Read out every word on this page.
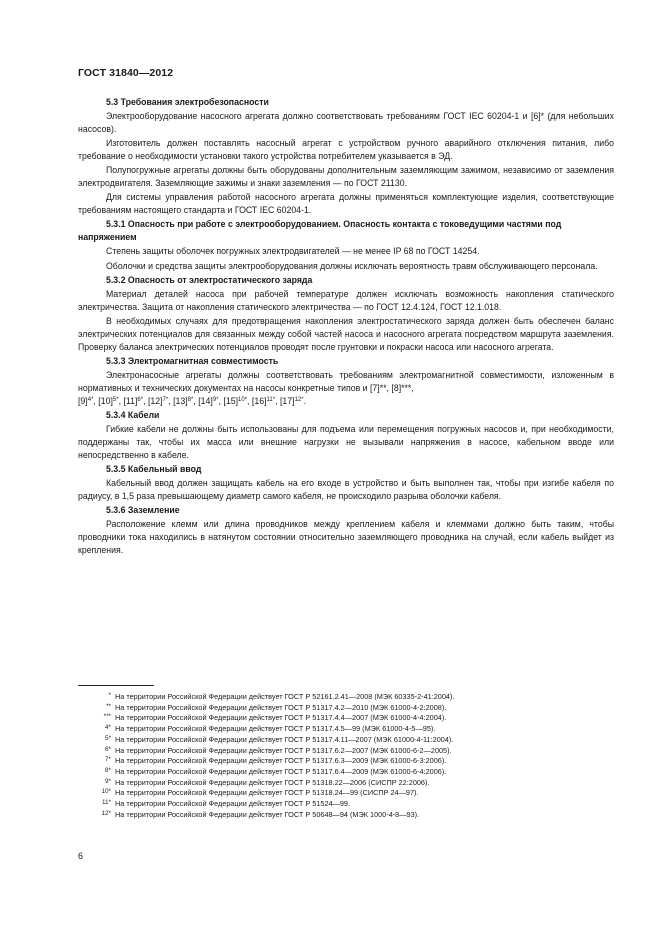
ГОСТ 31840—2012
5.3 Требования электробезопасности
Электрооборудование насосного агрегата должно соответствовать требованиям ГОСТ IEC 60204-1 и [6]* (для небольших насосов).
Изготовитель должен поставлять насосный агрегат с устройством ручного аварийного отключения питания, либо требование о необходимости установки такого устройства потребителем указывается в ЭД.
Полупогружные агрегаты должны быть оборудованы дополнительным заземляющим зажимом, независимо от заземления электродвигателя. Заземляющие зажимы и знаки заземления — по ГОСТ 21130.
Для системы управления работой насосного агрегата должны применяться комплектующие изделия, соответствующие требованиям настоящего стандарта и ГОСТ IEC 60204-1.
5.3.1 Опасность при работе с электрооборудованием. Опасность контакта с токоведущими частями под напряжением
Степень защиты оболочек погружных электродвигателей — не менее IP 68 по ГОСТ 14254.
Оболочки и средства защиты электрооборудования должны исключать вероятность травм обслуживающего персонала.
5.3.2 Опасность от электростатического заряда
Материал деталей насоса при рабочей температуре должен исключать возможность накопления статического электричества. Защита от накопления статического электричества — по ГОСТ 12.4.124, ГОСТ 12.1.018.
В необходимых случаях для предотвращения накопления электростатического заряда должен быть обеспечен баланс электрических потенциалов для связанных между собой частей насоса и насосного агрегата посредством маршрута заземления. Проверку баланса электрических потенциалов проводят после грунтовки и покраски насоса или насосного агрегата.
5.3.3 Электромагнитная совместимость
Электронасосные агрегаты должны соответствовать требованиям электромагнитной совместимости, изложенным в нормативных и технических документах на насосы конкретные типов и [7]**, [8]***,
$[9]^{4*}$, $[10]^{5*}$, $[11]^{6*}$, $[12]^{7*}$, $[13]^{8*}$, $[14]^{9*}$, $[15]^{10*}$, $[16]^{11*}$, $[17]^{12*}$.
5.3.4 Кабели
Гибкие кабели не должны быть использованы для подъема или перемещения погружных насосов и, при необходимости, поддержаны так, чтобы их масса или внешние нагрузки не вызывали напряжения в насосе, кабельном вводе или непосредственно в кабеле.
5.3.5 Кабельный ввод
Кабельный ввод должен защищать кабель на его входе в устройство и быть выполнен так, чтобы при изгибе кабеля по радиусу, в 1,5 раза превышающему диаметр самого кабеля, не происходило разрыва оболочки кабеля.
5.3.6 Заземление
Расположение клемм или длина проводников между креплением кабеля и клеммами должно быть таким, чтобы проводники тока находились в натянутом состоянии относительно заземляющего проводника на случай, если кабель выйдет из крепления.
* На территории Российской Федерации действует ГОСТ Р 52161.2.41—2008 (МЭК 60335-2-41:2004).
** На территории Российской Федерации действует ГОСТ Р 51317.4.2—2010 (МЭК 61000-4-2:2008).
*** На территории Российской Федерации действует ГОСТ Р 51317.4.4—2007 (МЭК 61000-4-4:2004).
4* На территории Российской Федерации действует ГОСТ Р 51317.4.5—99 (МЭК 61000-4-5—95).
5* На территории Российской Федерации действует ГОСТ Р 51317.4.11—2007 (МЭК 61000-4-11:2004).
6* На территории Российской Федерации действует ГОСТ Р 51317.6.2—2007 (МЭК 61000-6-2—2005).
7* На территории Российской Федерации действует ГОСТ Р 51317.6.3—2009 (МЭК 61000-6-3:2006).
8* На территории Российской Федерации действует ГОСТ Р 51317.6.4—2009 (МЭК 61000-6-4:2006).
9* На территории Российской Федерации действует ГОСТ Р 51318.22—2006 (СИСПР 22:2006).
10* На территории Российской Федерации действует ГОСТ Р 51318.24—99 (СИСПР 24—97).
11* На территории Российской Федерации действует ГОСТ Р 51524—99.
12* На территории Российской Федерации действует ГОСТ Р 50648—94 (МЭК 1000-4-8—93).
6
